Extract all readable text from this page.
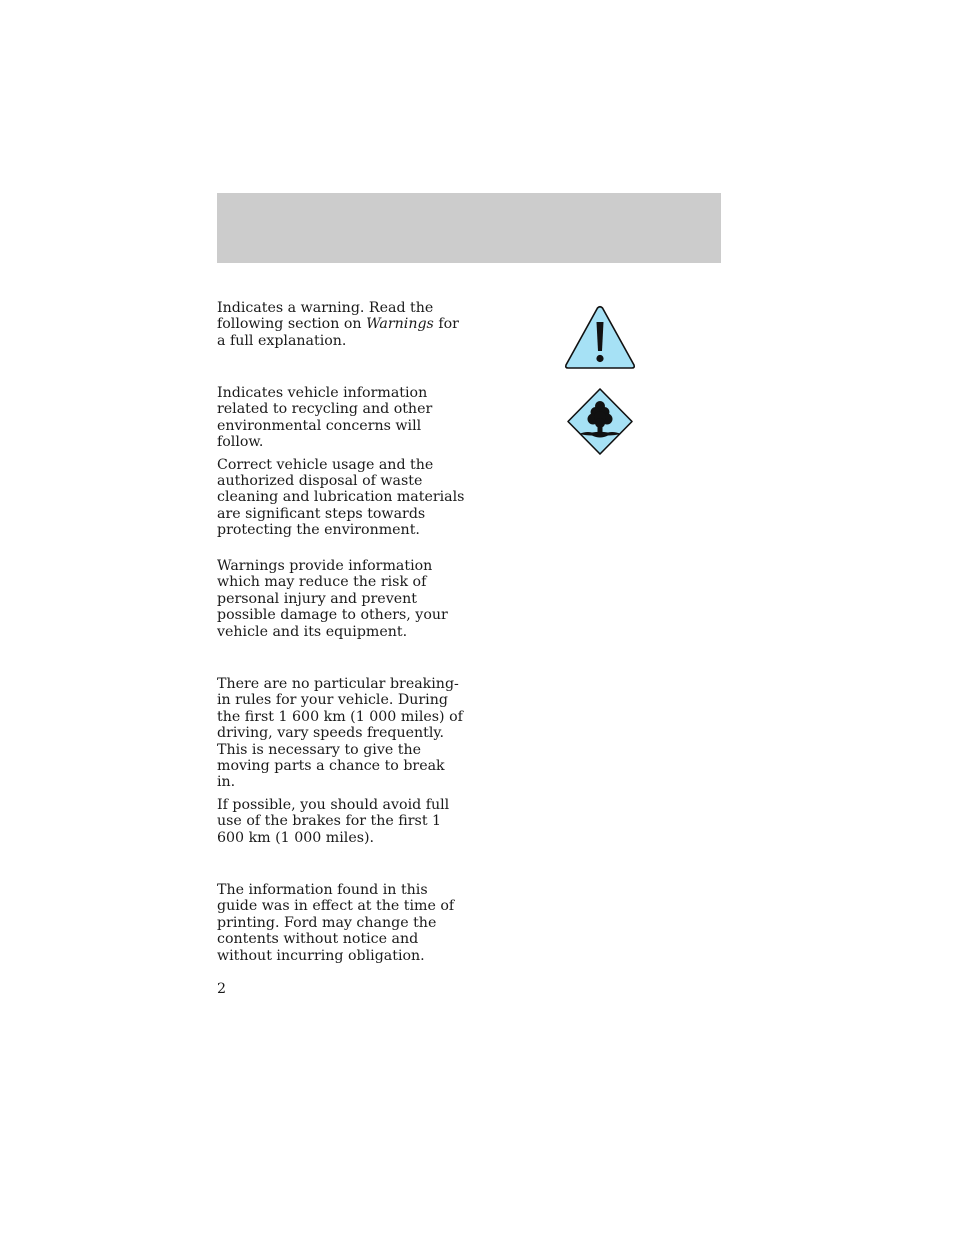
Indicates a warning. Read the following section on Warnings for a full explanation.

Indicates vehicle information related to recycling and other environmental concerns will follow.

Correct vehicle usage and the authorized disposal of waste cleaning and lubrication materials are significant steps towards protecting the environment.

Warnings provide information which may reduce the risk of personal injury and prevent possible damage to others, your vehicle and its equipment.

There are no particular breaking-in rules for your vehicle. During the first 1 600 km (1 000 miles) of driving, vary speeds frequently. This is necessary to give the moving parts a chance to break in.

If possible, you should avoid full use of the brakes for the first 1 600 km (1 000 miles).

The information found in this guide was in effect at the time of printing. Ford may change the contents without notice and without incurring obligation.

2
